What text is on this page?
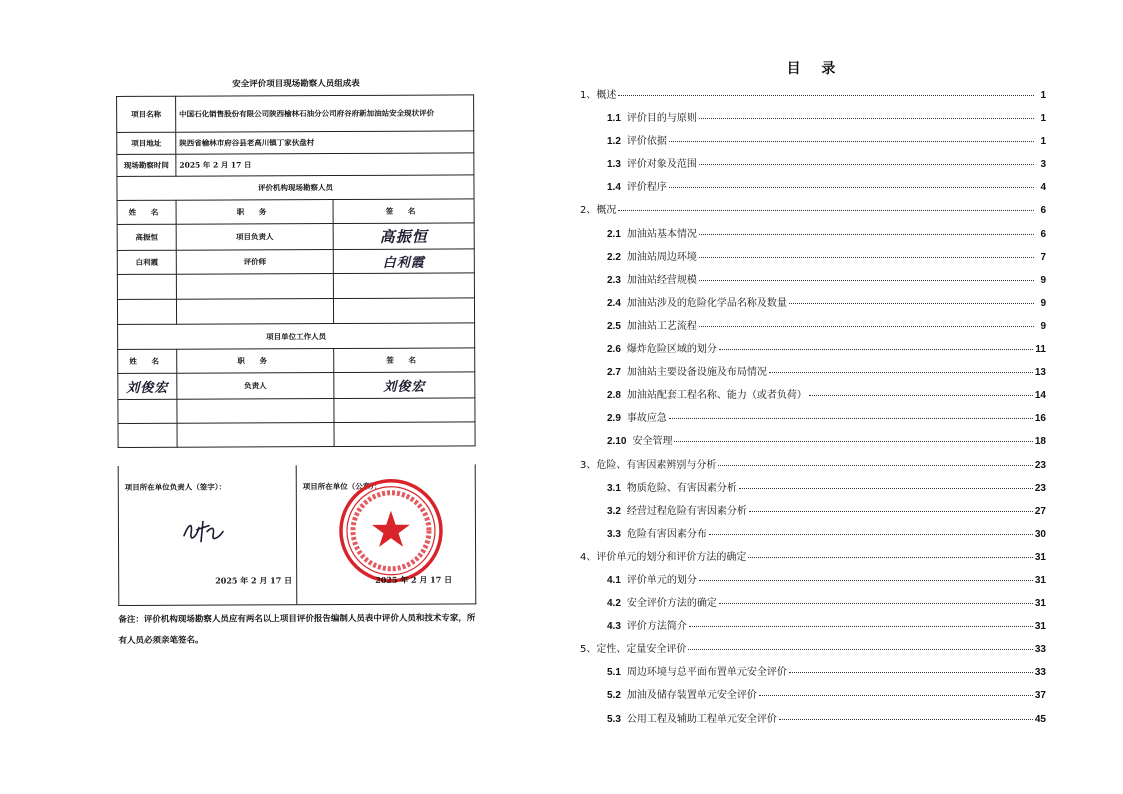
安全评价项目现场勘察人员组成表
项目名称	中国石化销售股份有限公司陕西榆林石油分公司府谷府新加油站安全现状评价	
项目地址	陕西省榆林市府谷县老高川镇丁家伙盘村	
现场勘察时间	2025 年 2 月 17 日	
评价机构现场勘察人员		
姓 名	职 务	签 名
高振恒	项目负责人	高振恒
白利霞	评价师	白利霞

项目单位工作人员		
姓 名	职 务	签 名
刘俊宏	负责人	刘俊宏

项目所在单位负责人（签字）：
2025 年 2 月 17 日
项目所在单位（公章）：
2025 年 2 月 17 日
备注：评价机构现场勘察人员应有两名以上项目评价报告编制人员表中评价人员和技术专家，所有人员必须亲笔签名。
目 录
1、 概述	1
1.1 评价目的与原则	1
1.2 评价依据	1
1.3 评价对象及范围	3
1.4 评价程序	4
2、 概况	6
2.1 加油站基本情况	6
2.2 加油站周边环境	7
2.3 加油站经营规模	9
2.4 加油站涉及的危险化学品名称及数量	9
2.5 加油站工艺流程	9
2.6 爆炸危险区域的划分	11
2.7 加油站主要设备设施及布局情况	13
2.8 加油站配套工程名称、能力（或者负荷）	14
2.9 事故应急	16
2.10 安全管理	18
3、 危险、有害因素辨别与分析	23
3.1 物质危险、有害因素分析	23
3.2 经营过程危险有害因素分析	27
3.3 危险有害因素分布	30
4、 评价单元的划分和评价方法的确定	31
4.1 评价单元的划分	31
4.2 安全评价方法的确定	31
4.3 评价方法简介	31
5、 定性、定量安全评价	33
5.1 周边环境与总平面布置单元安全评价	33
5.2 加油及储存装置单元安全评价	37
5.3 公用工程及辅助工程单元安全评价	45
